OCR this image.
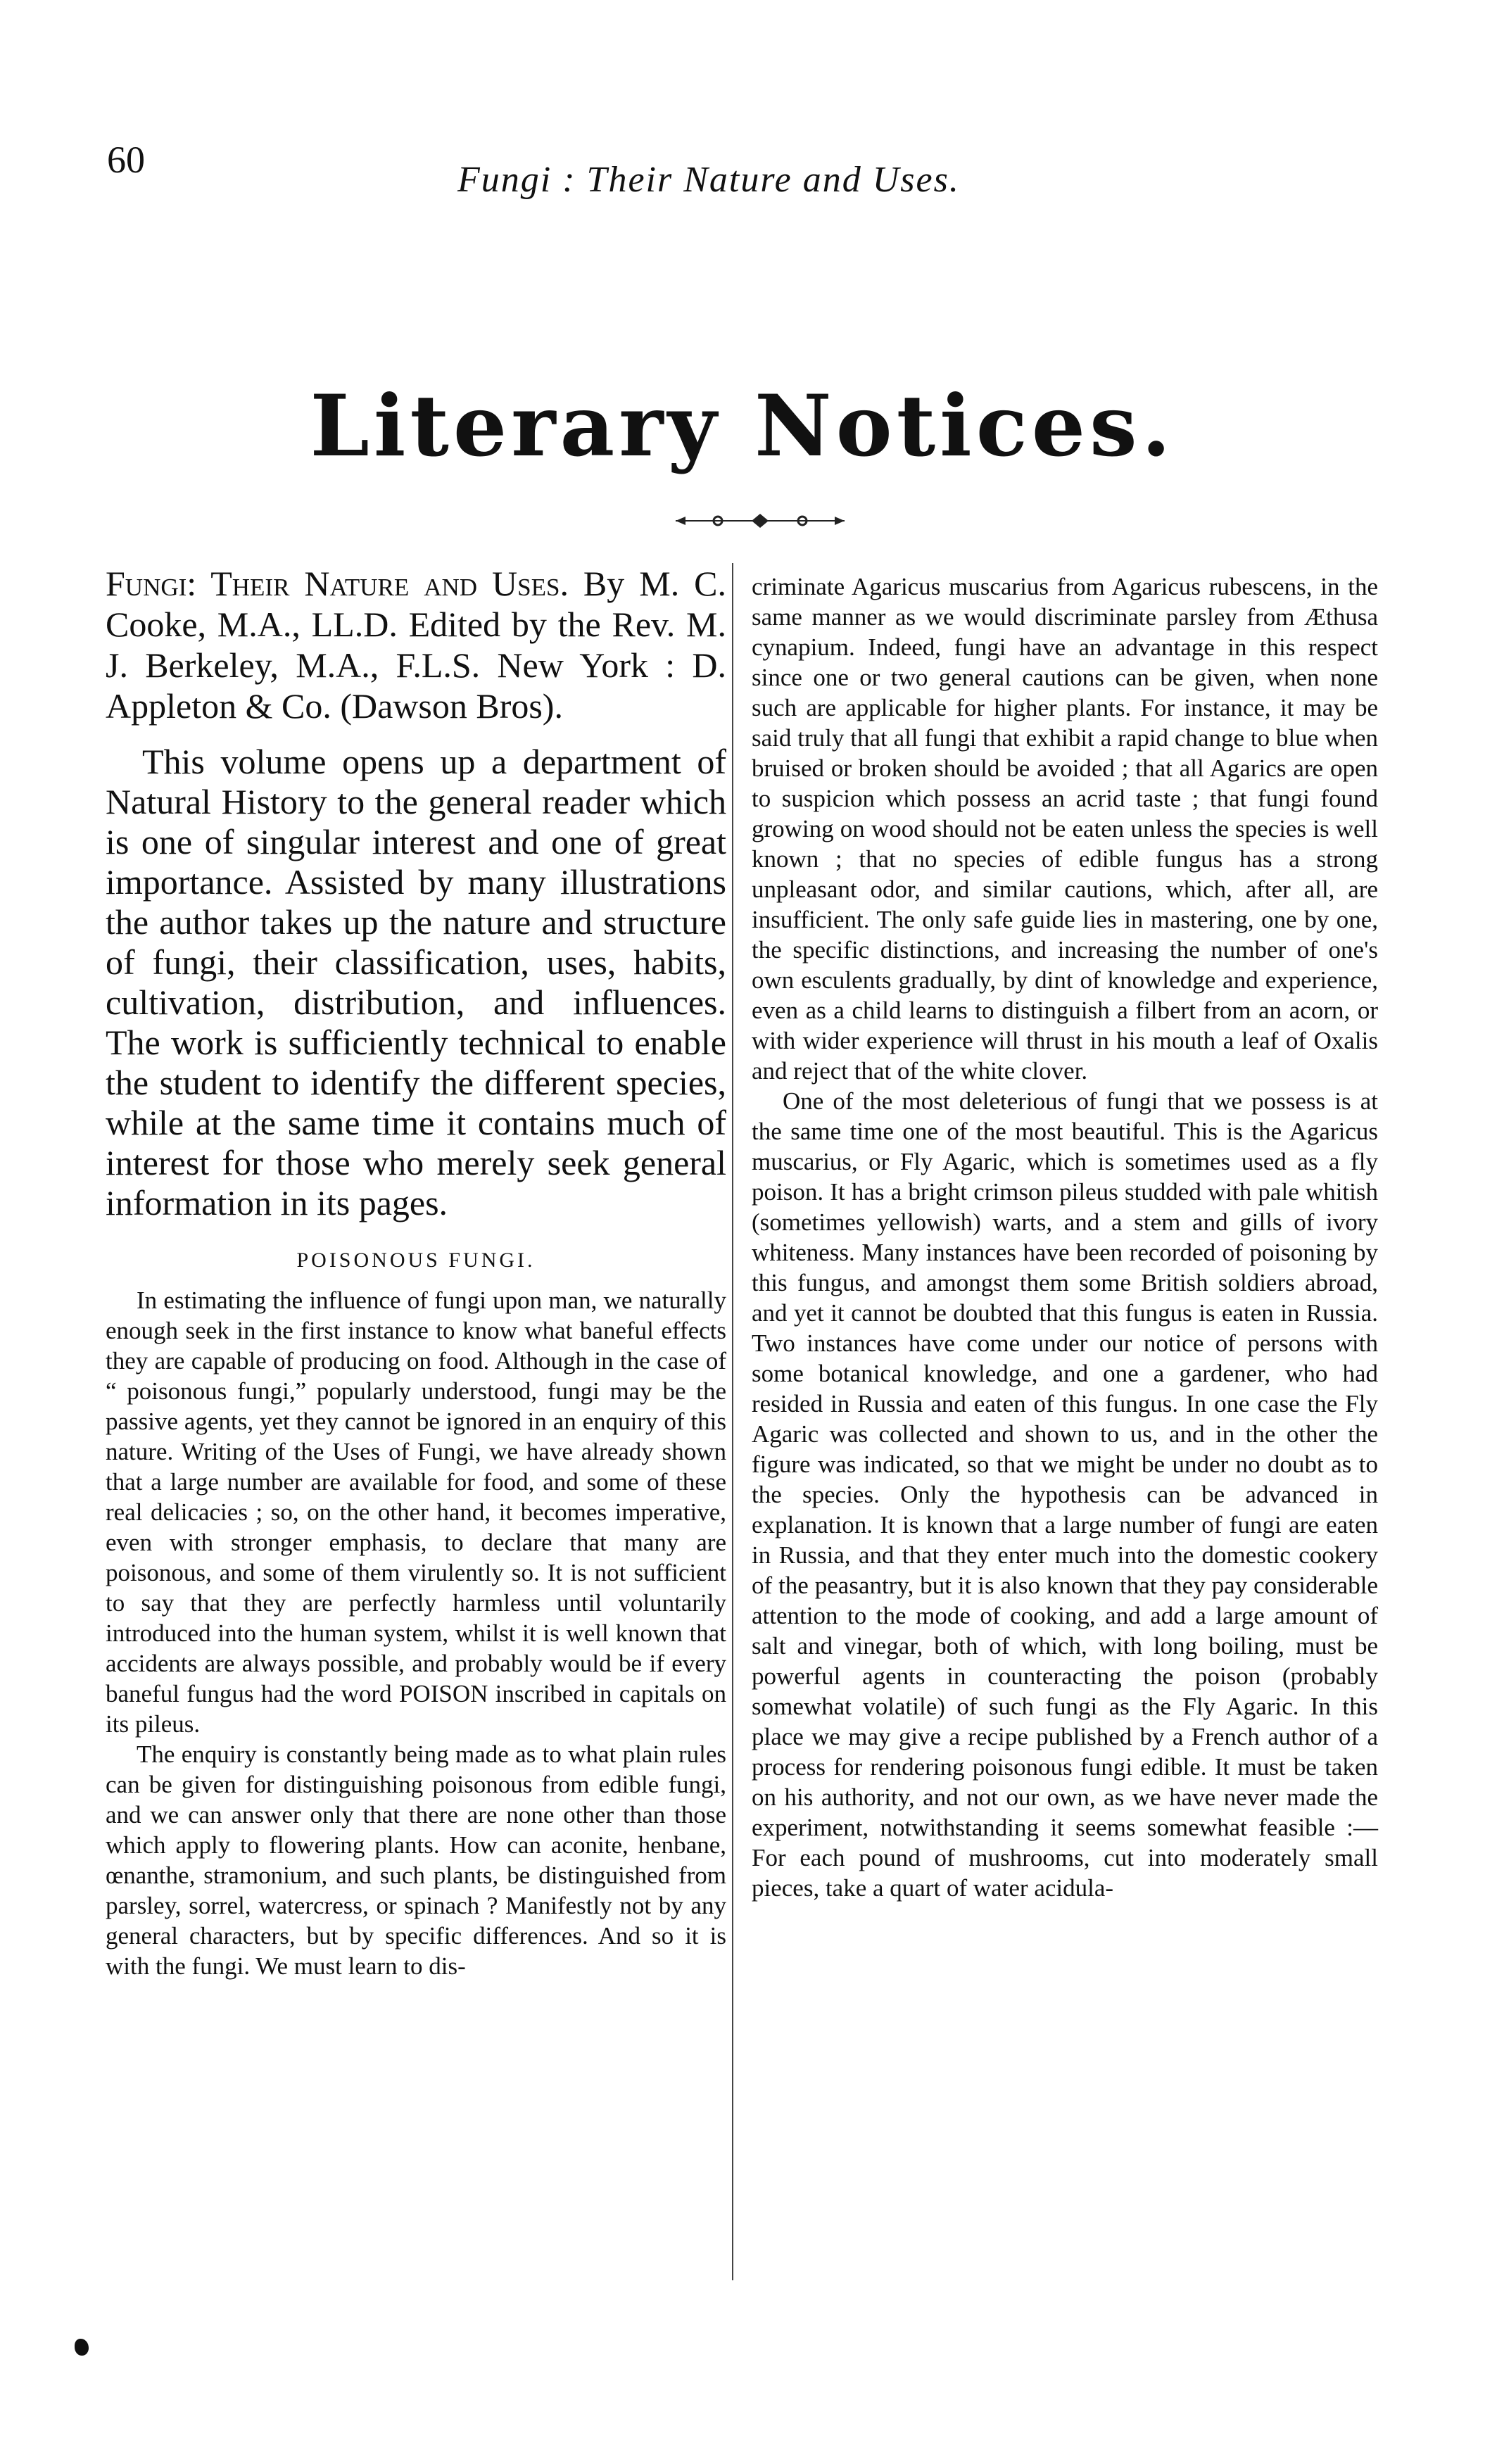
60	Fungi : Their Nature and Uses.
Literary Notices.

Fungi: Their Nature and Uses. By M. C. Cooke, M.A., LL.D. Edited by the Rev. M. J. Berkeley, M.A., F.L.S. New York : D. Appleton & Co. (Dawson Bros).

This volume opens up a department of Natural History to the general reader which is one of singular interest and one of great importance. Assisted by many illustrations the author takes up the nature and structure of fungi, their classification, uses, habits, cultivation, distribution, and influences. The work is sufficiently technical to enable the student to identify the different species, while at the same time it contains much of interest for those who merely seek general information in its pages.

POISONOUS FUNGI.

In estimating the influence of fungi upon man, we naturally enough seek in the first instance to know what baneful effects they are capable of producing on food. Although in the case of “ poisonous fungi,” popularly understood, fungi may be the passive agents, yet they cannot be ignored in an enquiry of this nature. Writing of the Uses of Fungi, we have already shown that a large number are available for food, and some of these real delicacies ; so, on the other hand, it becomes imperative, even with stronger emphasis, to declare that many are poisonous, and some of them virulently so. It is not sufficient to say that they are perfectly harmless until voluntarily introduced into the human system, whilst it is well known that accidents are always possible, and probably would be if every baneful fungus had the word POISON inscribed in capitals on its pileus.

The enquiry is constantly being made as to what plain rules can be given for distinguishing poisonous from edible fungi, and we can answer only that there are none other than those which apply to flowering plants. How can aconite, henbane, œnanthe, stramonium, and such plants, be distinguished from parsley, sorrel, watercress, or spinach ? Manifestly not by any general characters, but by specific differences. And so it is with the fungi. We must learn to dis-

criminate Agaricus muscarius from Agaricus rubescens, in the same manner as we would discriminate parsley from Æthusa cynapium. Indeed, fungi have an advantage in this respect since one or two general cautions can be given, when none such are applicable for higher plants. For instance, it may be said truly that all fungi that exhibit a rapid change to blue when bruised or broken should be avoided ; that all Agarics are open to suspicion which possess an acrid taste ; that fungi found growing on wood should not be eaten unless the species is well known ; that no species of edible fungus has a strong unpleasant odor, and similar cautions, which, after all, are insufficient. The only safe guide lies in mastering, one by one, the specific distinctions, and increasing the number of one's own esculents gradually, by dint of knowledge and experience, even as a child learns to distinguish a filbert from an acorn, or with wider experience will thrust in his mouth a leaf of Oxalis and reject that of the white clover.

One of the most deleterious of fungi that we possess is at the same time one of the most beautiful. This is the Agaricus muscarius, or Fly Agaric, which is sometimes used as a fly poison. It has a bright crimson pileus studded with pale whitish (sometimes yellowish) warts, and a stem and gills of ivory whiteness. Many instances have been recorded of poisoning by this fungus, and amongst them some British soldiers abroad, and yet it cannot be doubted that this fungus is eaten in Russia. Two instances have come under our notice of persons with some botanical knowledge, and one a gardener, who had resided in Russia and eaten of this fungus. In one case the Fly Agaric was collected and shown to us, and in the other the figure was indicated, so that we might be under no doubt as to the species. Only the hypothesis can be advanced in explanation. It is known that a large number of fungi are eaten in Russia, and that they enter much into the domestic cookery of the peasantry, but it is also known that they pay considerable attention to the mode of cooking, and add a large amount of salt and vinegar, both of which, with long boiling, must be powerful agents in counteracting the poison (probably somewhat volatile) of such fungi as the Fly Agaric. In this place we may give a recipe published by a French author of a process for rendering poisonous fungi edible. It must be taken on his authority, and not our own, as we have never made the experiment, notwithstanding it seems somewhat feasible :— For each pound of mushrooms, cut into moderately small pieces, take a quart of water acidula-
